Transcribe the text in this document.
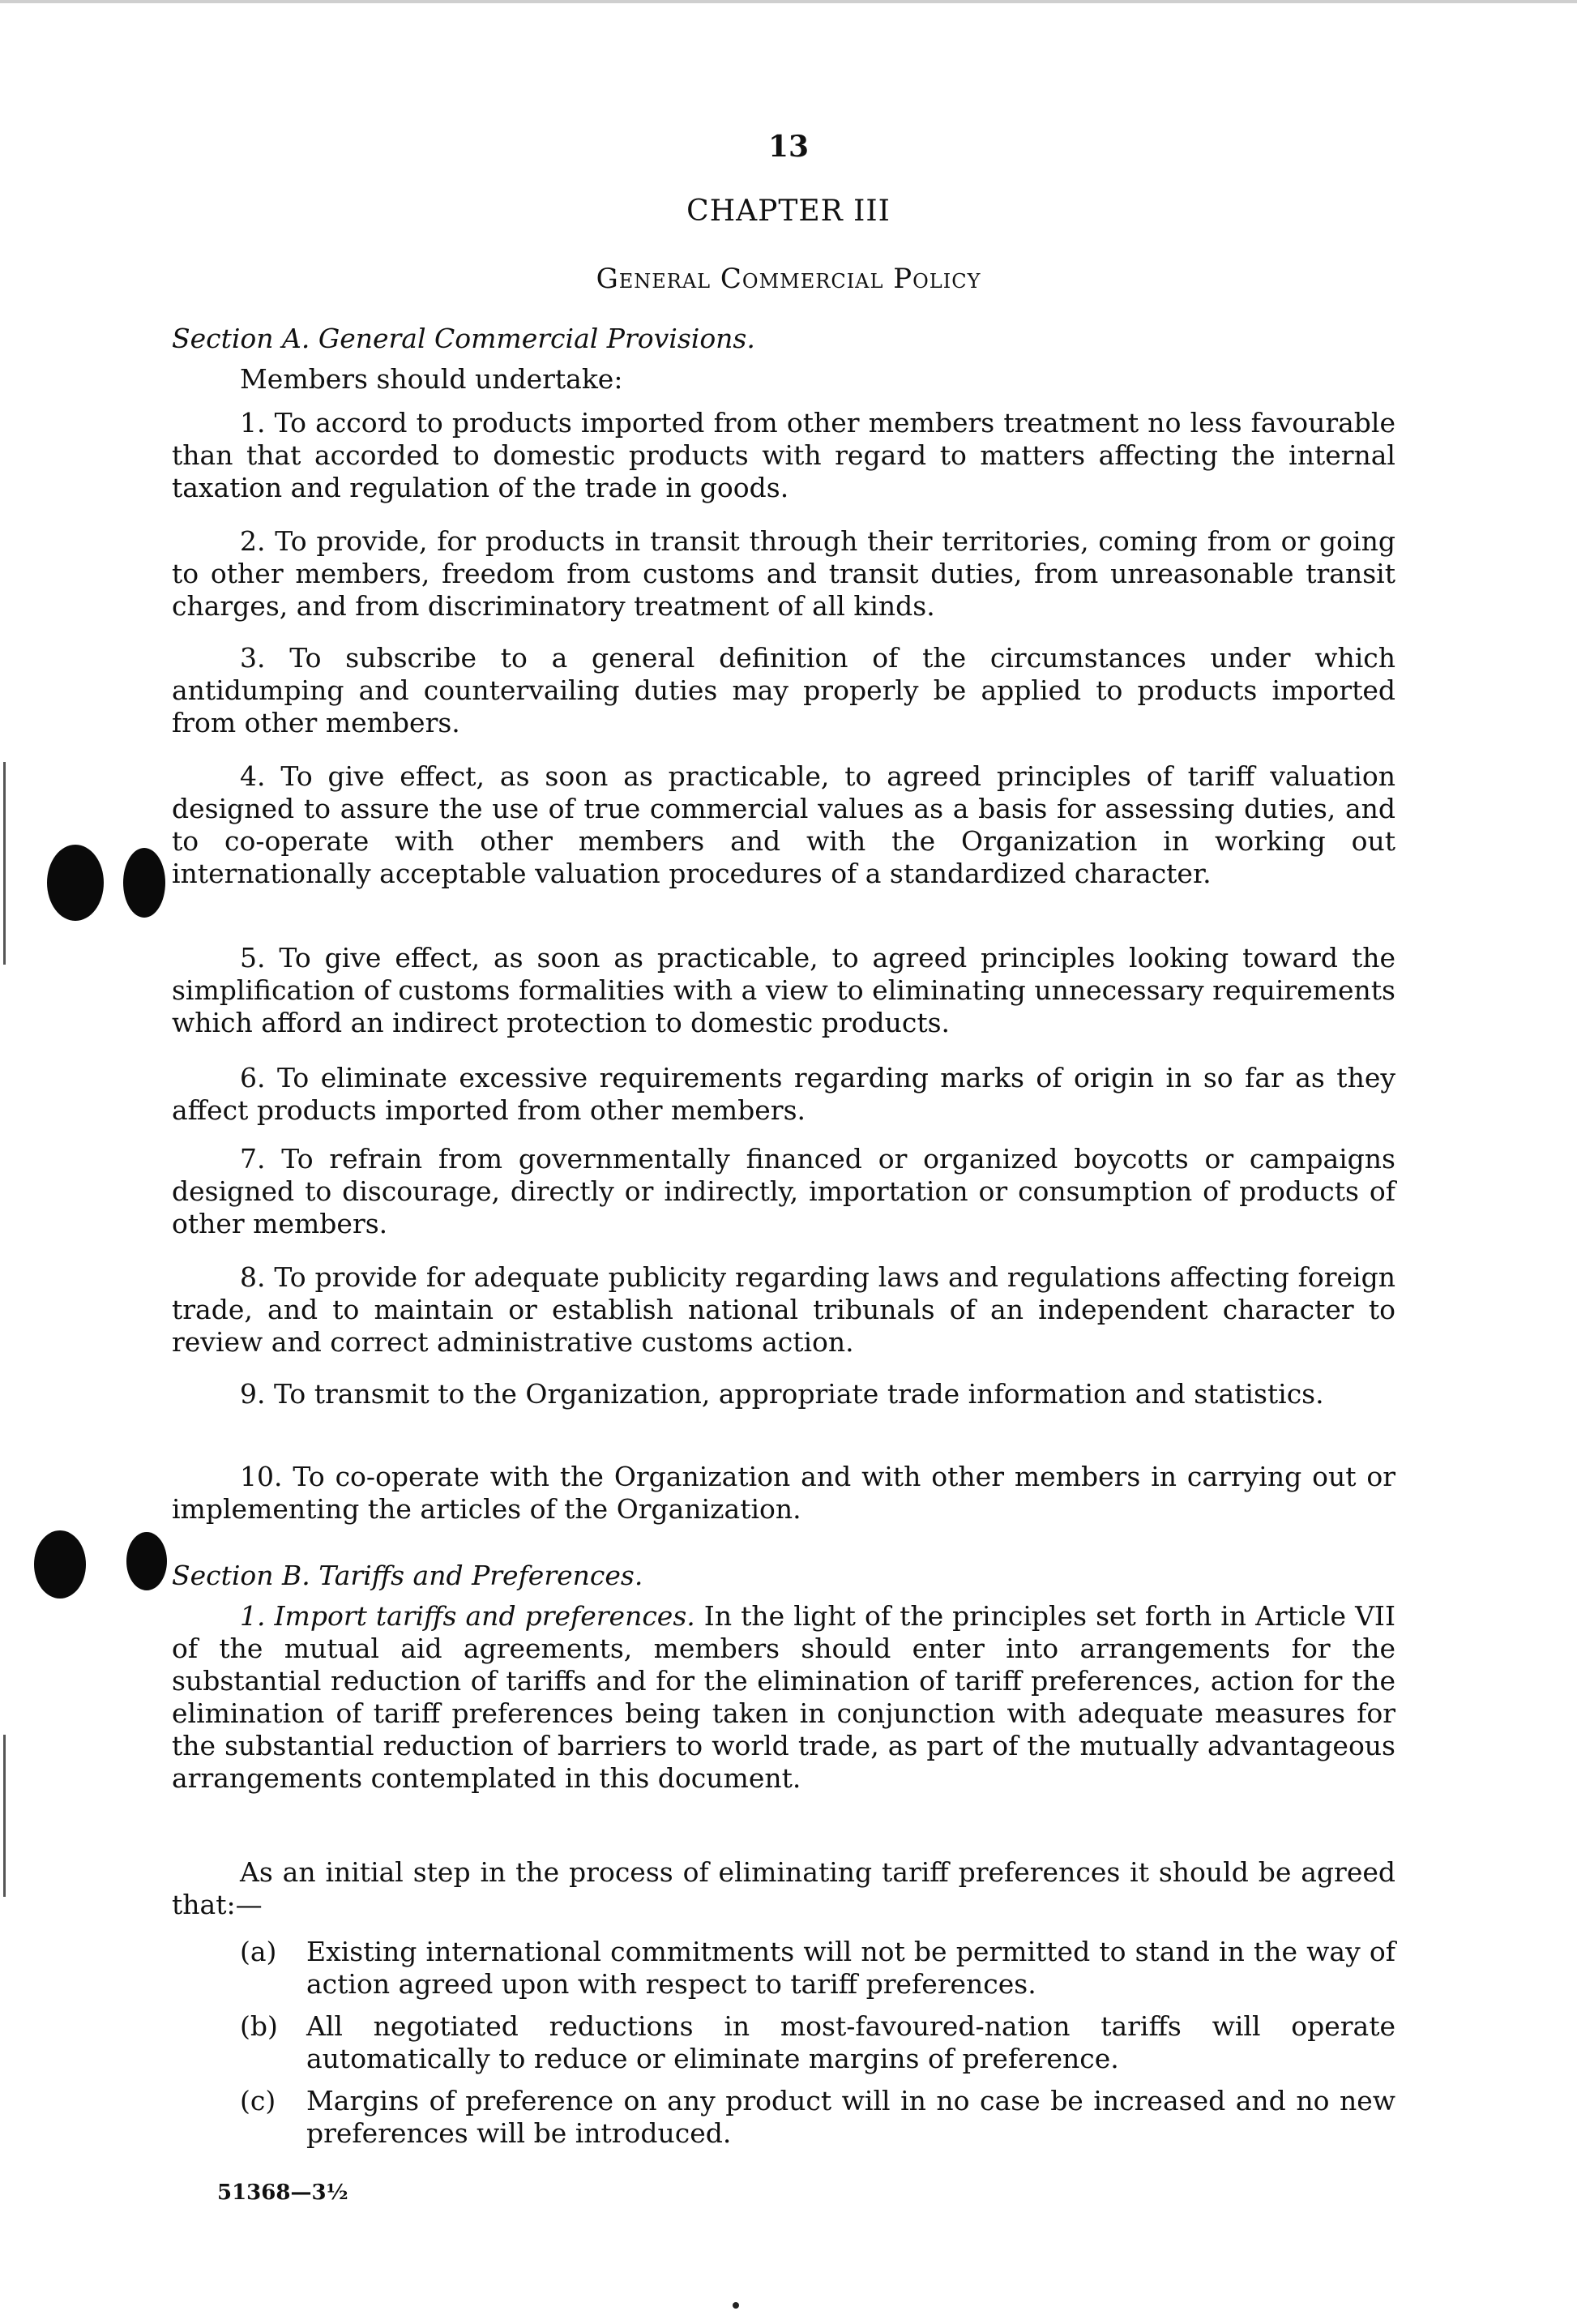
13
CHAPTER III
General Commercial Policy
Section A. General Commercial Provisions.
Members should undertake:
1. To accord to products imported from other members treatment no less favourable than that accorded to domestic products with regard to matters affecting the internal taxation and regulation of the trade in goods.
2. To provide, for products in transit through their territories, coming from or going to other members, freedom from customs and transit duties, from unreasonable transit charges, and from discriminatory treatment of all kinds.
3. To subscribe to a general definition of the circumstances under which antidumping and countervailing duties may properly be applied to products imported from other members.
4. To give effect, as soon as practicable, to agreed principles of tariff valuation designed to assure the use of true commercial values as a basis for assessing duties, and to co-operate with other members and with the Organization in working out internationally acceptable valuation procedures of a standardized character.
5. To give effect, as soon as practicable, to agreed principles looking toward the simplification of customs formalities with a view to eliminating unnecessary requirements which afford an indirect protection to domestic products.
6. To eliminate excessive requirements regarding marks of origin in so far as they affect products imported from other members.
7. To refrain from governmentally financed or organized boycotts or campaigns designed to discourage, directly or indirectly, importation or consumption of products of other members.
8. To provide for adequate publicity regarding laws and regulations affecting foreign trade, and to maintain or establish national tribunals of an independent character to review and correct administrative customs action.
9. To transmit to the Organization, appropriate trade information and statistics.
10. To co-operate with the Organization and with other members in carrying out or implementing the articles of the Organization.
Section B. Tariffs and Preferences.
1. Import tariffs and preferences. In the light of the principles set forth in Article VII of the mutual aid agreements, members should enter into arrangements for the substantial reduction of tariffs and for the elimination of tariff preferences, action for the elimination of tariff preferences being taken in conjunction with adequate measures for the substantial reduction of barriers to world trade, as part of the mutually advantageous arrangements contemplated in this document.
As an initial step in the process of eliminating tariff preferences it should be agreed that:—
(a)	Existing international commitments will not be permitted to stand in the way of action agreed upon with respect to tariff preferences.
(b)	All negotiated reductions in most-favoured-nation tariffs will operate automatically to reduce or eliminate margins of preference.
(c)	Margins of preference on any product will in no case be increased and no new preferences will be introduced.
51368—3½
